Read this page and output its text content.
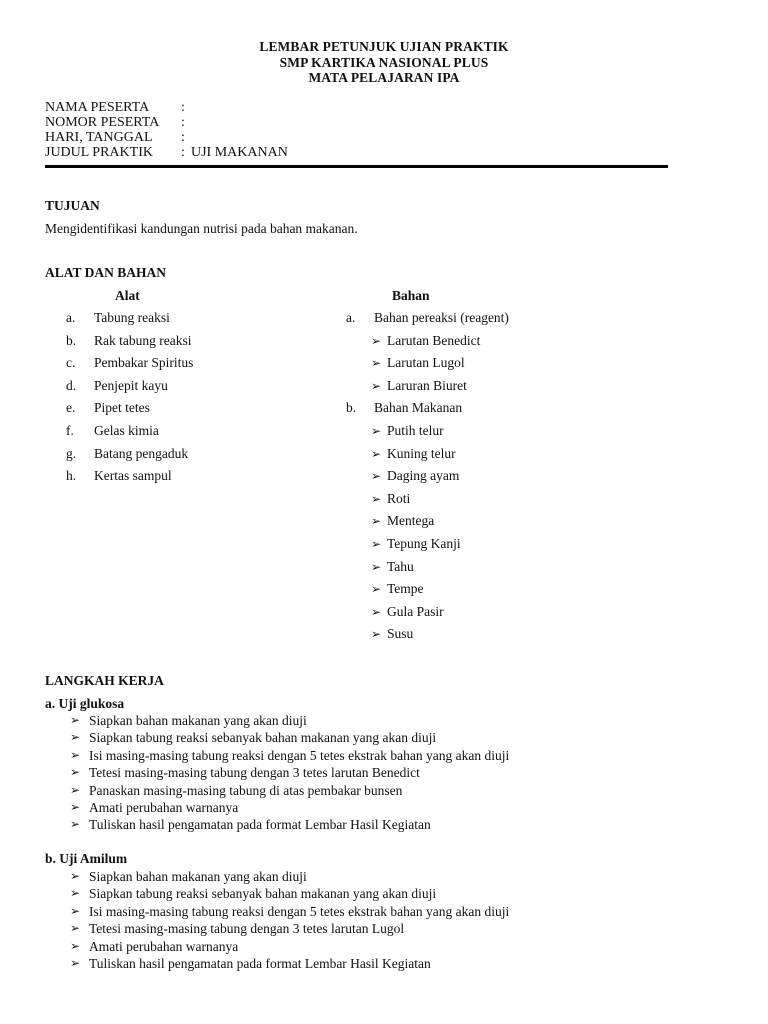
LEMBAR PETUNJUK UJIAN PRAKTIK
SMP KARTIKA NASIONAL PLUS
MATA PELAJARAN IPA
NAMA PESERTA	:
NOMOR PESERTA	:
HARI, TANGGAL	:
JUDUL PRAKTIK	: UJI MAKANAN
TUJUAN
Mengidentifikasi kandungan nutrisi pada bahan makanan.
ALAT DAN BAHAN
Alat	Bahan
a.	Tabung reaksi
b.	Rak tabung reaksi
c.	Pembakar Spiritus
d.	Penjepit kayu
e.	Pipet tetes
f.	Gelas kimia
g.	Batang pengaduk
h.	Kertas sampul
a.	Bahan pereaksi (reagent)
➢ Larutan Benedict
➢ Larutan Lugol
➢ Laruran Biuret
b.	Bahan Makanan
➢ Putih telur
➢ Kuning telur
➢ Daging ayam
➢ Roti
➢ Mentega
➢ Tepung Kanji
➢ Tahu
➢ Tempe
➢ Gula Pasir
➢ Susu
LANGKAH KERJA
a. Uji glukosa
➢ Siapkan bahan makanan yang akan diuji
➢ Siapkan tabung reaksi sebanyak bahan makanan yang akan diuji
➢ Isi masing-masing tabung reaksi dengan 5 tetes ekstrak bahan yang akan diuji
➢ Tetesi masing-masing tabung dengan 3 tetes larutan Benedict
➢ Panaskan masing-masing tabung di atas pembakar bunsen
➢ Amati perubahan warnanya
➢ Tuliskan hasil pengamatan pada format Lembar Hasil Kegiatan
b. Uji Amilum
➢ Siapkan bahan makanan yang akan diuji
➢ Siapkan tabung reaksi sebanyak bahan makanan yang akan diuji
➢ Isi masing-masing tabung reaksi dengan 5 tetes ekstrak bahan yang akan diuji
➢ Tetesi masing-masing tabung dengan 3 tetes larutan Lugol
➢ Amati perubahan warnanya
➢ Tuliskan hasil pengamatan pada format Lembar Hasil Kegiatan
